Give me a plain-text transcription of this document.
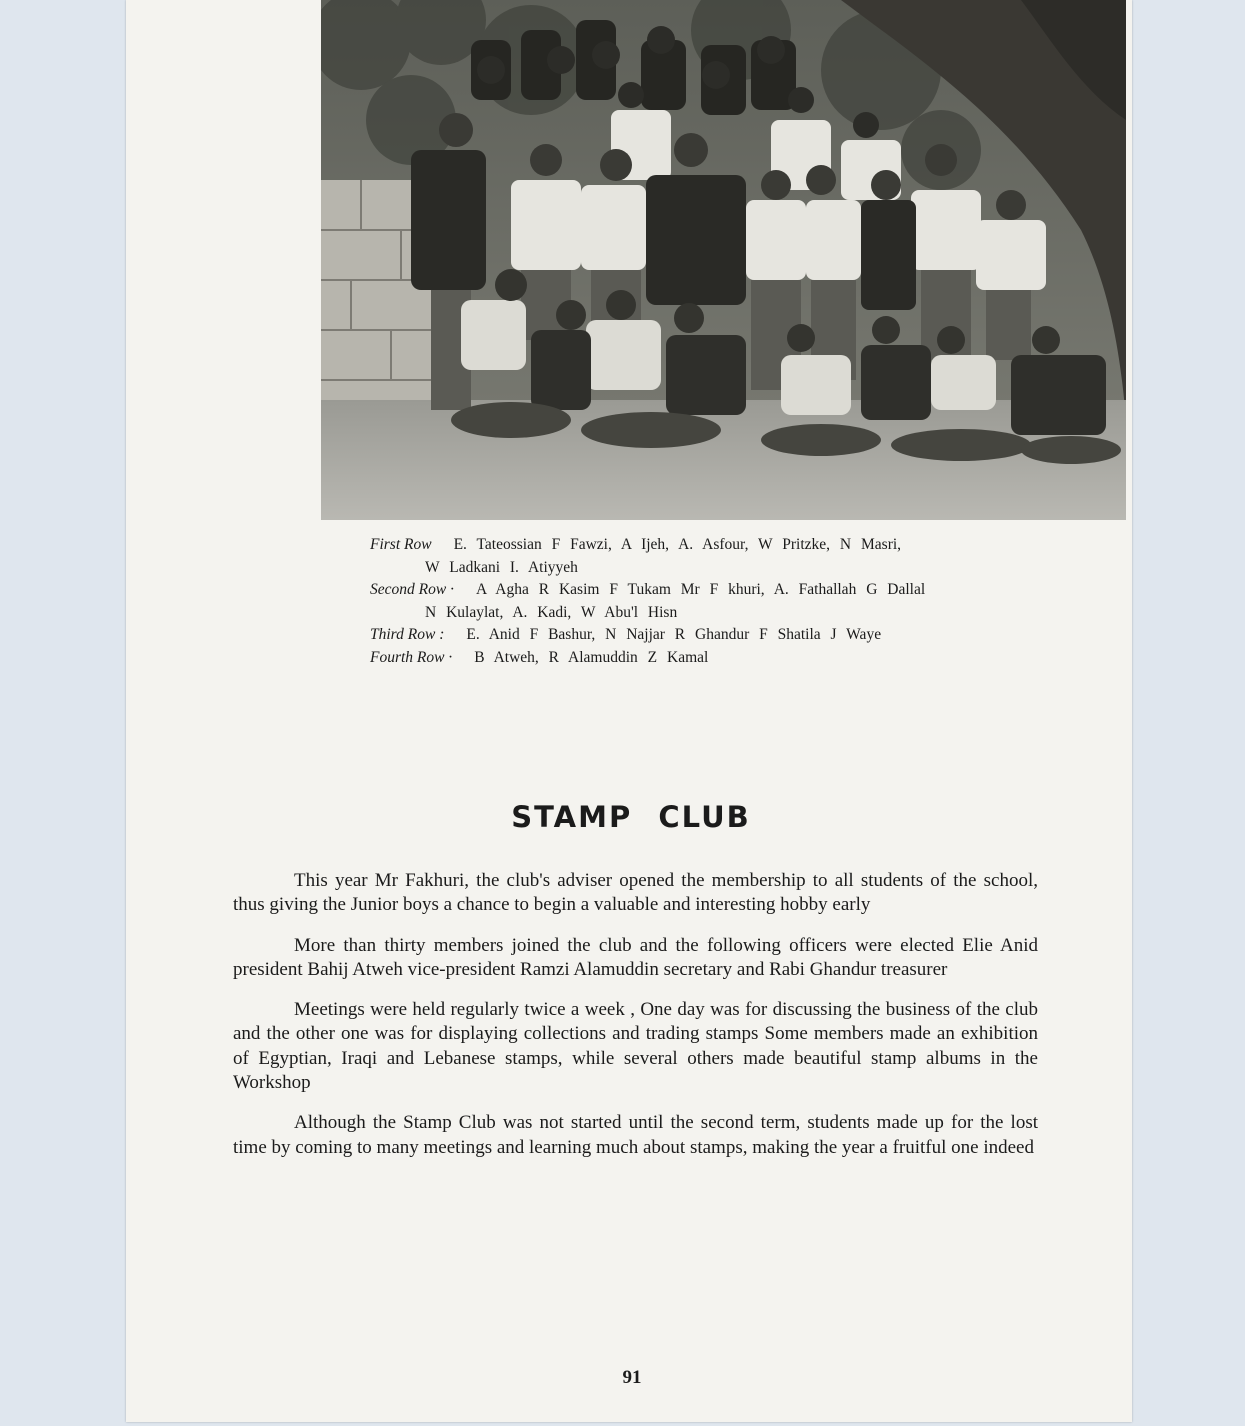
First Row E. Tateossian F Fawzi, A Ijeh, A. Asfour, W Pritzke, N Masri,
W Ladkani I. Atiyyeh
Second Row · A Agha R Kasim F Tukam Mr F khuri, A. Fathallah G Dallal
N Kulaylat, A. Kadi, W Abu'l Hisn
Third Row : E. Anid F Bashur, N Najjar R Ghandur F Shatila J Waye
Fourth Row · B Atweh, R Alamuddin Z Kamal
STAMP CLUB

This year Mr Fakhuri, the club's adviser opened the membership to all students of the school, thus giving the Junior boys a chance to begin a valuable and interesting hobby early

More than thirty members joined the club and the following officers were elected Elie Anid president Bahij Atweh vice-president Ramzi Alamuddin secretary and Rabi Ghandur treasurer

Meetings were held regularly twice a week , One day was for discussing the business of the club and the other one was for displaying collections and trading stamps Some members made an exhibition of Egyptian, Iraqi and Lebanese stamps, while several others made beautiful stamp albums in the Workshop

Although the Stamp Club was not started until the second term, students made up for the lost time by coming to many meetings and learning much about stamps, making the year a fruitful one indeed

91
